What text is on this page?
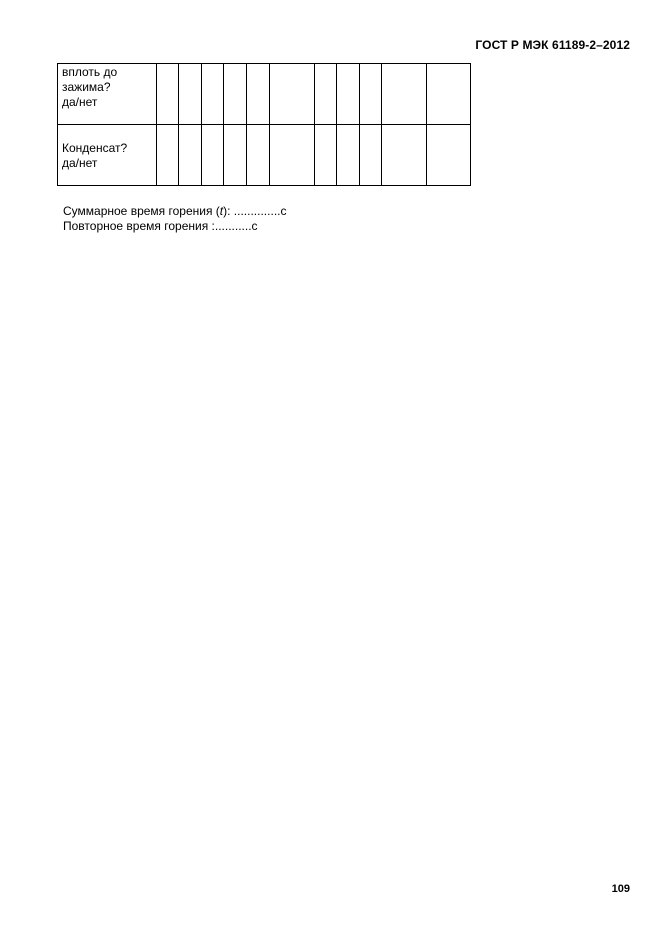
ГОСТ Р МЭК 61189-2–2012
вплоть до
зажима?
да/нет											

Конденсат?
да/нет											

Суммарное время горения (t): ..............с
Повторное время горения :...........с
109
